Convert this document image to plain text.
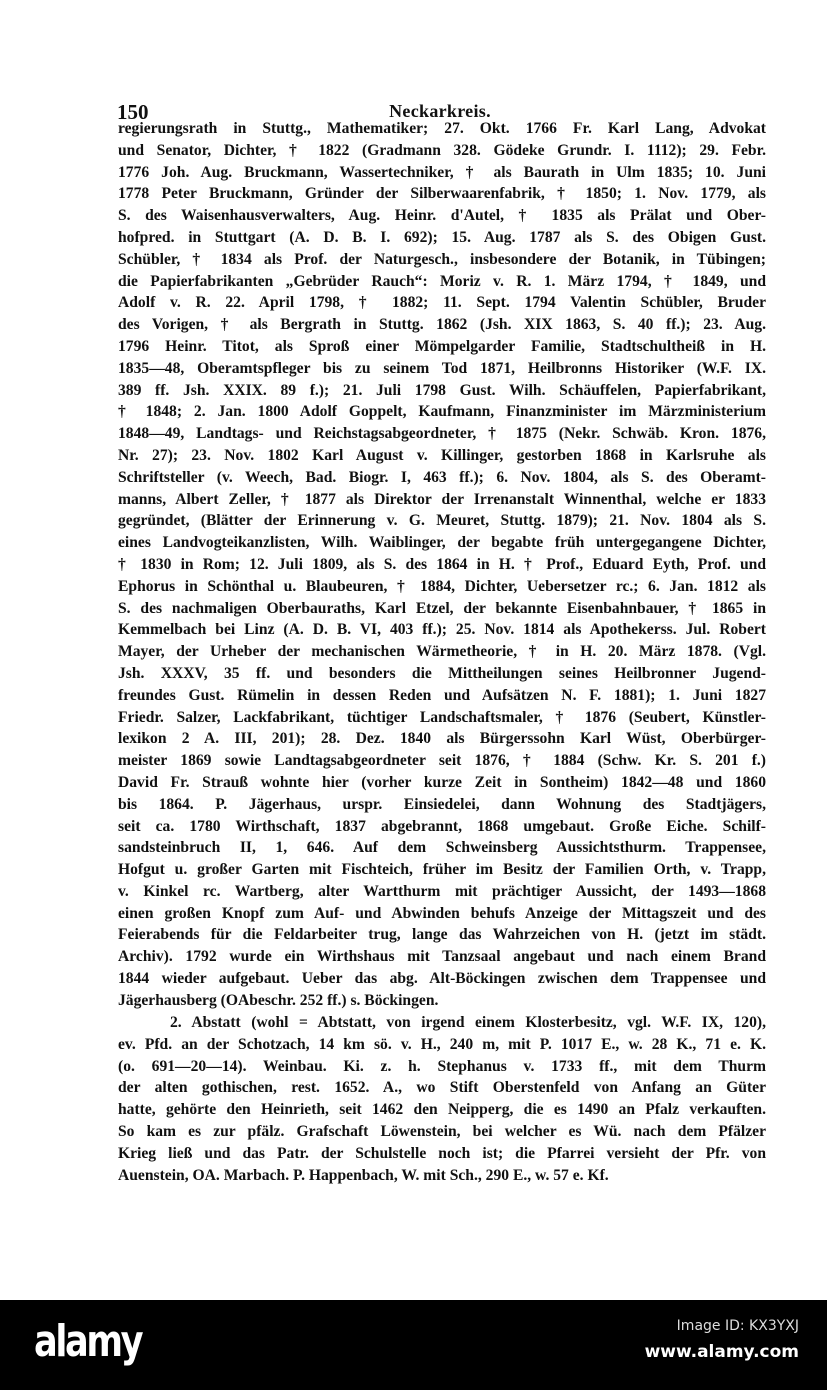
150	Neckarkreis.
regierungsrath in Stuttg., Mathematiker; 27. Okt. 1766 Fr. Karl Lang, Advokat
und Senator, Dichter, † 1822 (Gradmann 328. Gödeke Grundr. I. 1112); 29. Febr.
1776 Joh. Aug. Bruckmann, Wassertechniker, † als Baurath in Ulm 1835; 10. Juni
1778 Peter Bruckmann, Gründer der Silberwaarenfabrik, † 1850; 1. Nov. 1779, als
S. des Waisenhausverwalters, Aug. Heinr. d'Autel, † 1835 als Prälat und Ober-
hofpred. in Stuttgart (A. D. B. I. 692); 15. Aug. 1787 als S. des Obigen Gust.
Schübler, † 1834 als Prof. der Naturgesch., insbesondere der Botanik, in Tübingen;
die Papierfabrikanten „Gebrüder Rauch“: Moriz v. R. 1. März 1794, † 1849, und
Adolf v. R. 22. April 1798, † 1882; 11. Sept. 1794 Valentin Schübler, Bruder
des Vorigen, † als Bergrath in Stuttg. 1862 (Jsh. XIX 1863, S. 40 ff.); 23. Aug.
1796 Heinr. Titot, als Sproß einer Mömpelgarder Familie, Stadtschultheiß in H.
1835—48, Oberamtspfleger bis zu seinem Tod 1871, Heilbronns Historiker (W.F. IX.
389 ff. Jsh. XXIX. 89 f.); 21. Juli 1798 Gust. Wilh. Schäuffelen, Papierfabrikant,
† 1848; 2. Jan. 1800 Adolf Goppelt, Kaufmann, Finanzminister im Märzministerium
1848—49, Landtags- und Reichstagsabgeordneter, † 1875 (Nekr. Schwäb. Kron. 1876,
Nr. 27); 23. Nov. 1802 Karl August v. Killinger, gestorben 1868 in Karlsruhe als
Schriftsteller (v. Weech, Bad. Biogr. I, 463 ff.); 6. Nov. 1804, als S. des Oberamt-
manns, Albert Zeller, † 1877 als Direktor der Irrenanstalt Winnenthal, welche er 1833
gegründet, (Blätter der Erinnerung v. G. Meuret, Stuttg. 1879); 21. Nov. 1804 als S.
eines Landvogteikanzlisten, Wilh. Waiblinger, der begabte früh untergegangene Dichter,
† 1830 in Rom; 12. Juli 1809, als S. des 1864 in H. † Prof., Eduard Eyth, Prof. und
Ephorus in Schönthal u. Blaubeuren, † 1884, Dichter, Uebersetzer rc.; 6. Jan. 1812 als
S. des nachmaligen Oberbauraths, Karl Etzel, der bekannte Eisenbahnbauer, † 1865 in
Kemmelbach bei Linz (A. D. B. VI, 403 ff.); 25. Nov. 1814 als Apothekerss. Jul. Robert
Mayer, der Urheber der mechanischen Wärmetheorie, † in H. 20. März 1878. (Vgl.
Jsh. XXXV, 35 ff. und besonders die Mittheilungen seines Heilbronner Jugend-
freundes Gust. Rümelin in dessen Reden und Aufsätzen N. F. 1881); 1. Juni 1827
Friedr. Salzer, Lackfabrikant, tüchtiger Landschaftsmaler, † 1876 (Seubert, Künstler-
lexikon 2 A. III, 201); 28. Dez. 1840 als Bürgerssohn Karl Wüst, Oberbürger-
meister 1869 sowie Landtagsabgeordneter seit 1876, † 1884 (Schw. Kr. S. 201 f.)
David Fr. Strauß wohnte hier (vorher kurze Zeit in Sontheim) 1842—48 und 1860
bis 1864. P. Jägerhaus, urspr. Einsiedelei, dann Wohnung des Stadtjägers,
seit ca. 1780 Wirthschaft, 1837 abgebrannt, 1868 umgebaut. Große Eiche. Schilf-
sandsteinbruch II, 1, 646. Auf dem Schweinsberg Aussichtsthurm. Trappensee,
Hofgut u. großer Garten mit Fischteich, früher im Besitz der Familien Orth, v. Trapp,
v. Kinkel rc. Wartberg, alter Wartthurm mit prächtiger Aussicht, der 1493—1868
einen großen Knopf zum Auf- und Abwinden behufs Anzeige der Mittagszeit und des
Feierabends für die Feldarbeiter trug, lange das Wahrzeichen von H. (jetzt im städt.
Archiv). 1792 wurde ein Wirthshaus mit Tanzsaal angebaut und nach einem Brand
1844 wieder aufgebaut. Ueber das abg. Alt-Böckingen zwischen dem Trappensee und
Jägerhausberg (OAbeschr. 252 ff.) s. Böckingen.
2. Abstatt (wohl = Abtstatt, von irgend einem Klosterbesitz, vgl. W.F. IX, 120),
ev. Pfd. an der Schotzach, 14 km sö. v. H., 240 m, mit P. 1017 E., w. 28 K., 71 e. K.
(o. 691—20—14). Weinbau. Ki. z. h. Stephanus v. 1733 ff., mit dem Thurm
der alten gothischen, rest. 1652. A., wo Stift Oberstenfeld von Anfang an Güter
hatte, gehörte den Heinrieth, seit 1462 den Neipperg, die es 1490 an Pfalz verkauften.
So kam es zur pfälz. Grafschaft Löwenstein, bei welcher es Wü. nach dem Pfälzer
Krieg ließ und das Patr. der Schulstelle noch ist; die Pfarrei versieht der Pfr. von
Auenstein, OA. Marbach. P. Happenbach, W. mit Sch., 290 E., w. 57 e. Kf.
alamy	Image ID: KX3YXJ
www.alamy.com
